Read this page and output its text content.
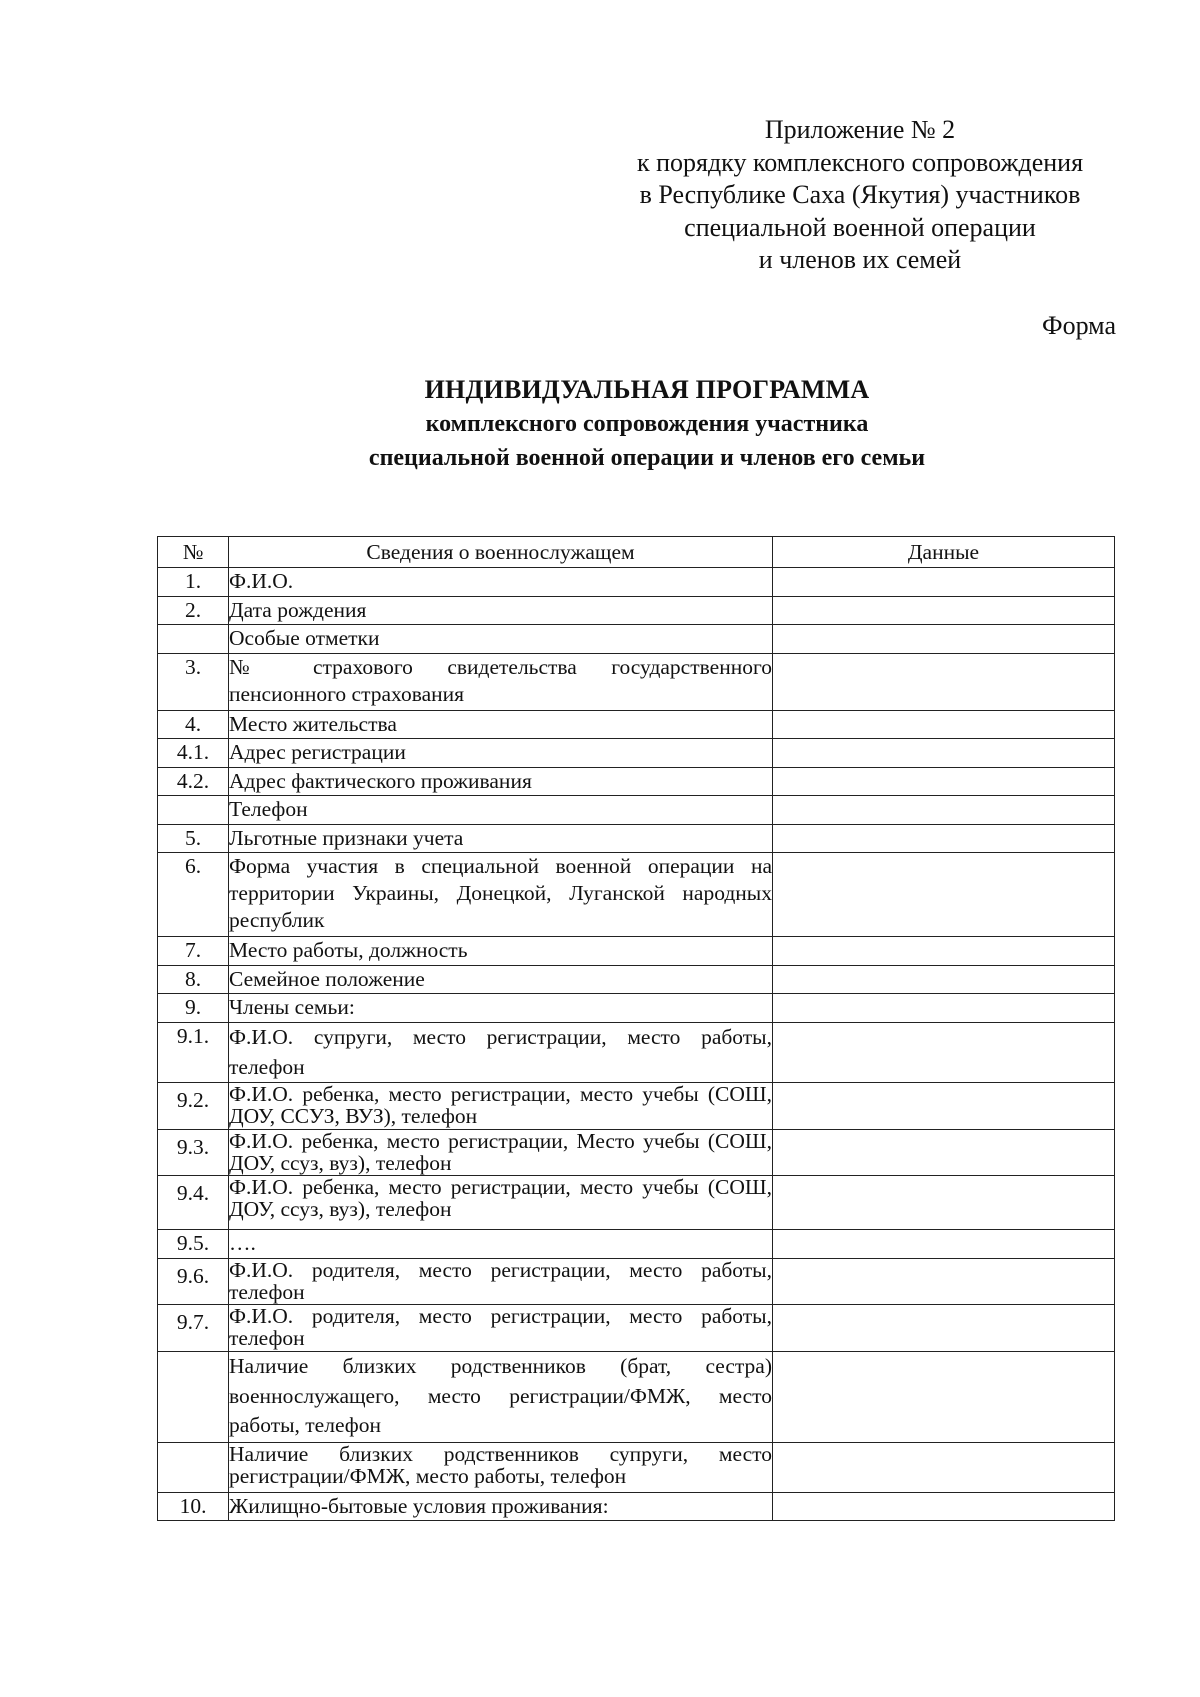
Приложение № 2
к порядку комплексного сопровождения
в Республике Саха (Якутия) участников
специальной военной операции
и членов их семей
Форма
ИНДИВИДУАЛЬНАЯ ПРОГРАММА
комплексного сопровождения участника
специальной военной операции и членов его семьи
№	Сведения о военнослужащем	Данные
1.	Ф.И.О.	
2.	Дата рождения	
	Особые отметки	
3.	№ страхового свидетельства государственного пенсионного страхования	
4.	Место жительства	
4.1.	Адрес регистрации	
4.2.	Адрес фактического проживания	
	Телефон	
5.	Льготные признаки учета	
6.	Форма участия в специальной военной операции на территории Украины, Донецкой, Луганской народных республик	
7.	Место работы, должность	
8.	Семейное положение	
9.	Члены семьи:	
9.1.	Ф.И.О. супруги, место регистрации, место работы, телефон	
9.2.	Ф.И.О. ребенка, место регистрации, место учебы (СОШ, ДОУ, ССУЗ, ВУЗ), телефон	
9.3.	Ф.И.О. ребенка, место регистрации, Место учебы (СОШ, ДОУ, ссуз, вуз), телефон	
9.4.	Ф.И.О. ребенка, место регистрации, место учебы (СОШ, ДОУ, ссуз, вуз), телефон	
9.5.	….	
9.6.	Ф.И.О. родителя, место регистрации, место работы, телефон	
9.7.	Ф.И.О. родителя, место регистрации, место работы, телефон	
	Наличие близких родственников (брат, сестра) военнослужащего, место регистрации/ФМЖ, место работы, телефон	
	Наличие близких родственников супруги, место регистрации/ФМЖ, место работы, телефон	
10.	Жилищно-бытовые условия проживания:	
